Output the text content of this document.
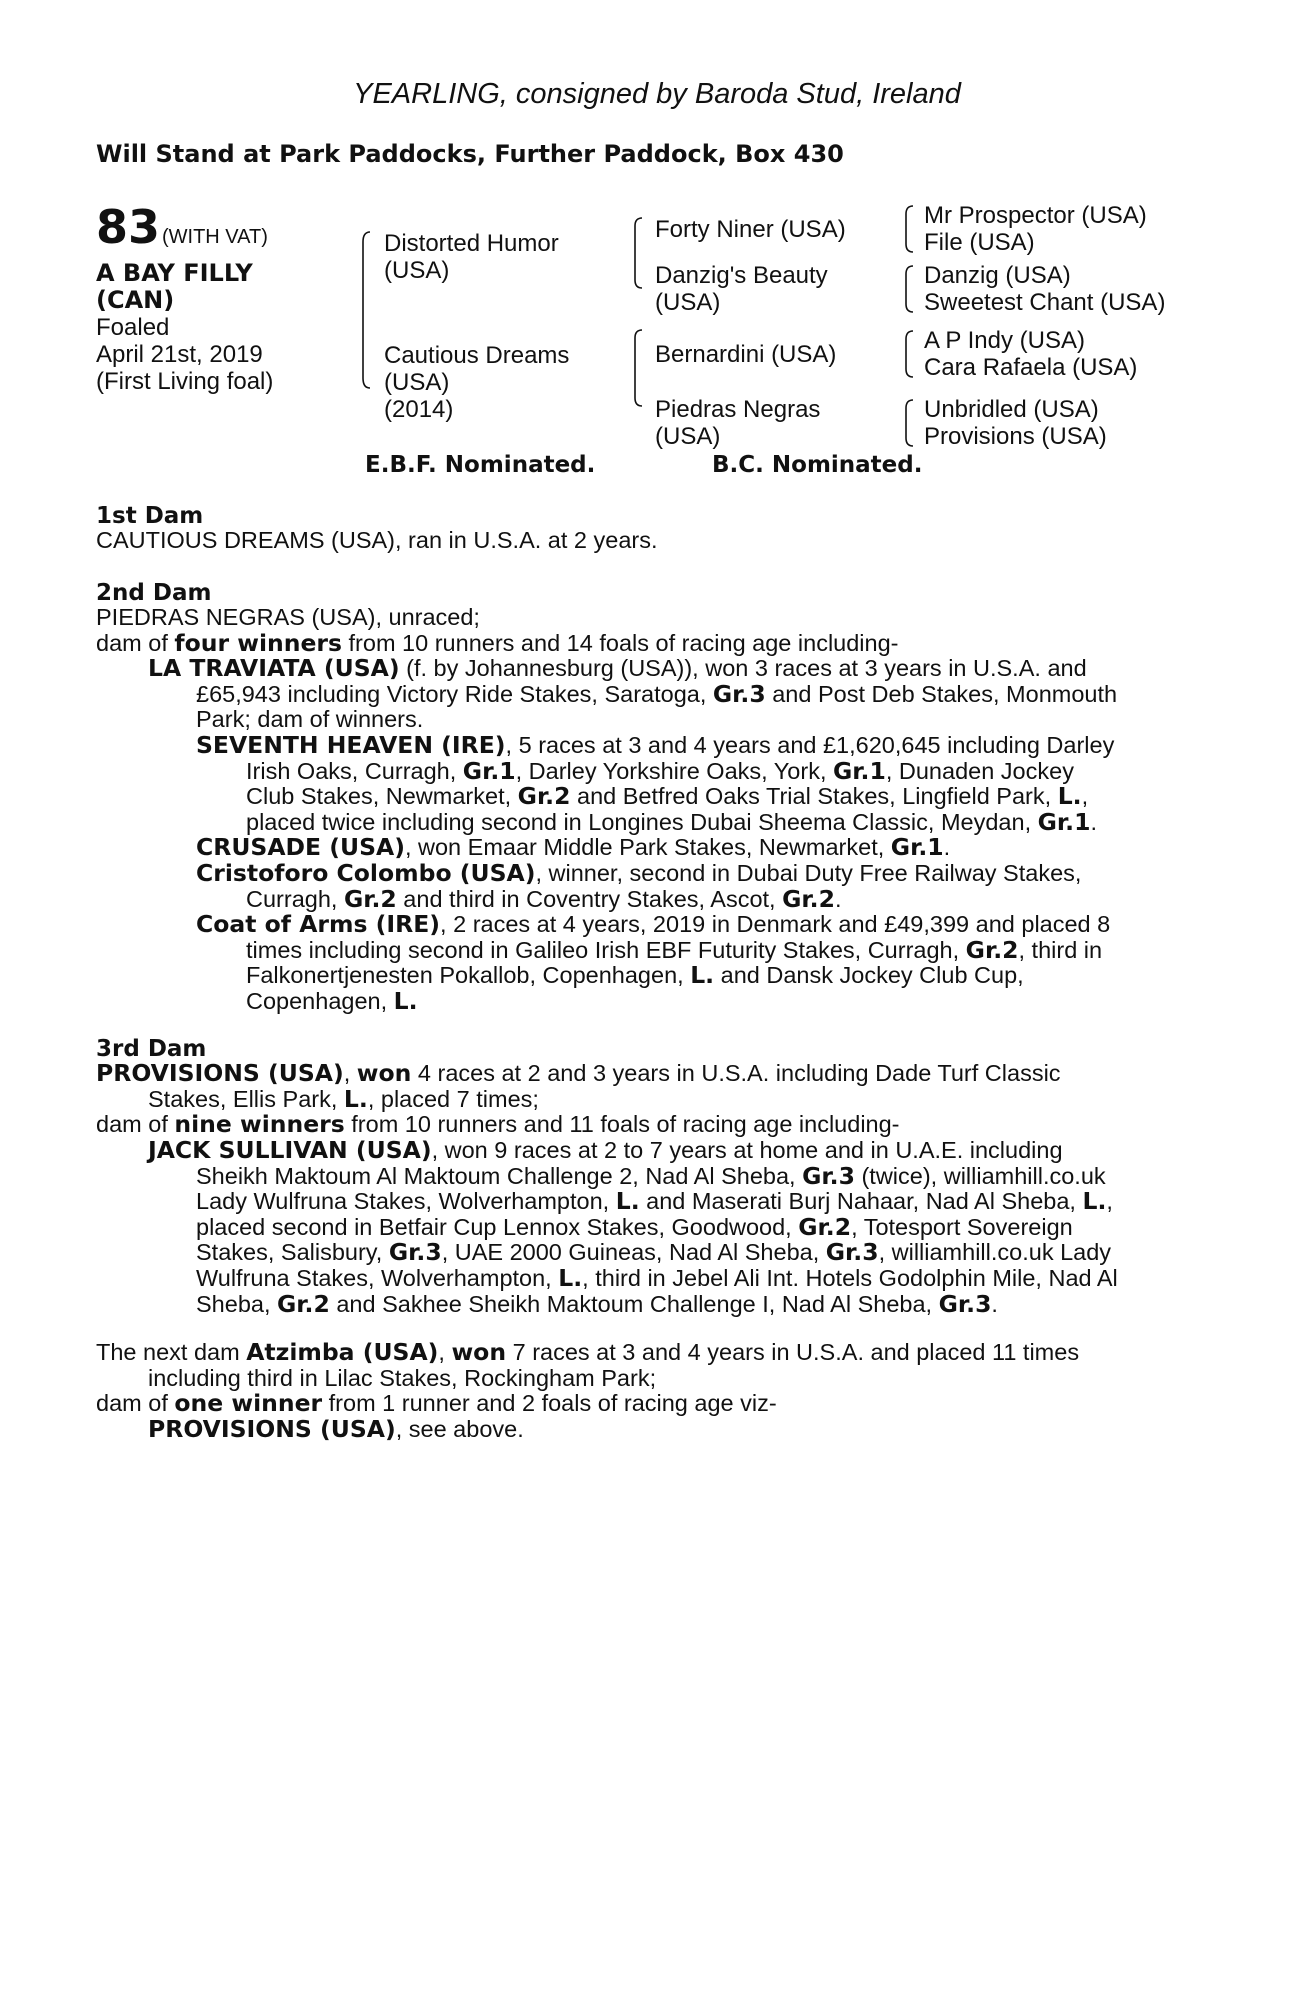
YEARLING, consigned by Baroda Stud, Ireland
Will Stand at Park Paddocks, Further Paddock, Box 430
83 (WITH VAT)
A BAY FILLY
(CAN)
Foaled
April 21st, 2019
(First Living foal)
Distorted Humor
(USA)
Cautious Dreams
(USA)
(2014)
Forty Niner (USA)
Danzig's Beauty
(USA)
Bernardini (USA)
Piedras Negras
(USA)
Mr Prospector (USA)
File (USA)
Danzig (USA)
Sweetest Chant (USA)
A P Indy (USA)
Cara Rafaela (USA)
Unbridled (USA)
Provisions (USA)
E.B.F. Nominated.	B.C. Nominated.
1st Dam
CAUTIOUS DREAMS (USA), ran in U.S.A. at 2 years.
2nd Dam

PIEDRAS NEGRAS (USA), unraced;

dam of four winners from 10 runners and 14 foals of racing age including-

LA TRAVIATA (USA) (f. by Johannesburg (USA)), won 3 races at 3 years in U.S.A. and

£65,943 including Victory Ride Stakes, Saratoga, Gr.3 and Post Deb Stakes, Monmouth

Park; dam of winners.

SEVENTH HEAVEN (IRE), 5 races at 3 and 4 years and £1,620,645 including Darley

Irish Oaks, Curragh, Gr.1, Darley Yorkshire Oaks, York, Gr.1, Dunaden Jockey

Club Stakes, Newmarket, Gr.2 and Betfred Oaks Trial Stakes, Lingfield Park, L.,

placed twice including second in Longines Dubai Sheema Classic, Meydan, Gr.1.

CRUSADE (USA), won Emaar Middle Park Stakes, Newmarket, Gr.1.

Cristoforo Colombo (USA), winner, second in Dubai Duty Free Railway Stakes,

Curragh, Gr.2 and third in Coventry Stakes, Ascot, Gr.2.

Coat of Arms (IRE), 2 races at 4 years, 2019 in Denmark and £49,399 and placed 8

times including second in Galileo Irish EBF Futurity Stakes, Curragh, Gr.2, third in

Falkonertjenesten Pokallob, Copenhagen, L. and Dansk Jockey Club Cup,

Copenhagen, L.

3rd Dam

PROVISIONS (USA), won 4 races at 2 and 3 years in U.S.A. including Dade Turf Classic

Stakes, Ellis Park, L., placed 7 times;

dam of nine winners from 10 runners and 11 foals of racing age including-

JACK SULLIVAN (USA), won 9 races at 2 to 7 years at home and in U.A.E. including

Sheikh Maktoum Al Maktoum Challenge 2, Nad Al Sheba, Gr.3 (twice), williamhill.co.uk

Lady Wulfruna Stakes, Wolverhampton, L. and Maserati Burj Nahaar, Nad Al Sheba, L.,

placed second in Betfair Cup Lennox Stakes, Goodwood, Gr.2, Totesport Sovereign

Stakes, Salisbury, Gr.3, UAE 2000 Guineas, Nad Al Sheba, Gr.3, williamhill.co.uk Lady

Wulfruna Stakes, Wolverhampton, L., third in Jebel Ali Int. Hotels Godolphin Mile, Nad Al

Sheba, Gr.2 and Sakhee Sheikh Maktoum Challenge I, Nad Al Sheba, Gr.3.

The next dam Atzimba (USA), won 7 races at 3 and 4 years in U.S.A. and placed 11 times

including third in Lilac Stakes, Rockingham Park;

dam of one winner from 1 runner and 2 foals of racing age viz-

PROVISIONS (USA), see above.
